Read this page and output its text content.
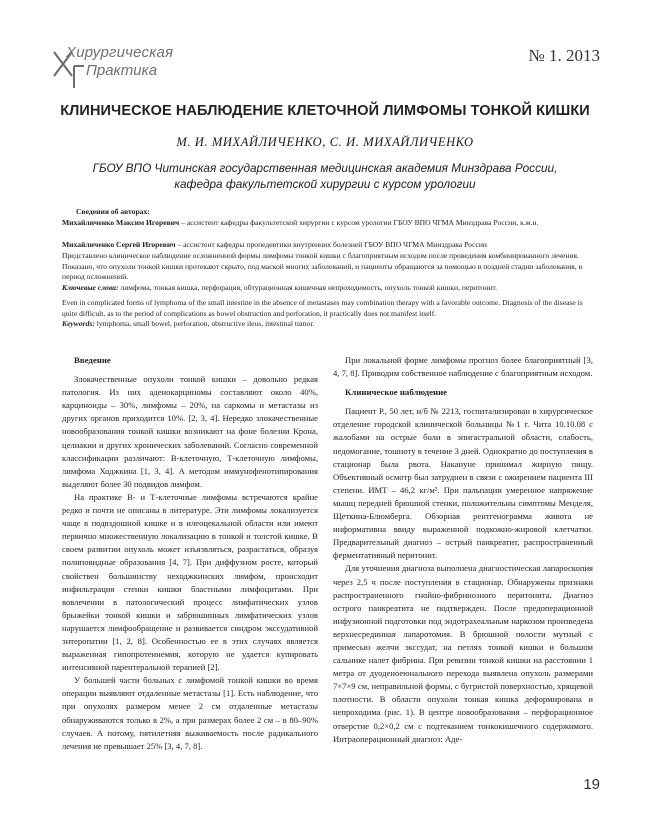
Хирургическая
Практика
№ 1. 2013
КЛИНИЧЕСКОЕ НАБЛЮДЕНИЕ КЛЕТОЧНОЙ ЛИМФОМЫ ТОНКОЙ КИШКИ
М. И. МИХАЙЛИЧЕНКО, С. И. МИХАЙЛИЧЕНКО
ГБОУ ВПО Читинская государственная медицинская академия Минздрава России,
кафедра факультетской хирургии с курсом урологии
Сведения об авторах:
Михайличенко Максим Игоревич – ассистент кафедры факультетской хирургии с курсом урологии ГБОУ ВПО ЧГМА Минздрава России, к.м.н.
Михайличенко Сергей Игоревич – ассистент кафедры пропедевтики внутренних болезней ГБОУ ВПО ЧГМА Минздрава России
Представлено клиническое наблюдение осложненной формы лимфомы тонкой кишки с благоприятным исходом после проведения комбинированного лечения. Показано, что опухоли тонкой кишки протекают скрыто, под маской многих заболеваний, и пациенты обращаются за помощью в поздней стадии заболевания, в период осложнений.
Ключевые слова: лимфома, тонкая кишка, перфорация, обтурационная кишечная непроходимость, опухоль тонкой кишки, перитонит.
Even in complicated forms of lymphoma of the small intestine in the absence of metastases may combination therapy with a favorable outcome. Diagnosis of the disease is quite difficult, as to the period of complications as bowel obstruction and perforation, it practically does not manifest itself.
Keywords: lymphoma, small bowel, perforation, obstructive ileus, intestinal tumor.
Введение

Злокачественные опухоли тонкой кишки – довольно редкая патология. Из них аденокарциномы составляют около 40%, карциноиды – 30%, лимфомы – 20%, на саркомы и метастазы из других органов приходится 10%. [2, 3, 4]. Нередко злокачественные новообразования тонкой кишки возникают на фоне болезни Крона, целиакии и других хронических заболеваний. Согласно современной классификации различают: В-клеточную, Т-клеточную лимфомы, лимфома Ходжкина [1, 3, 4]. А методом иммунофенотипирования выделяют более 30 подвидов лимфом.

На практике В- и Т-клеточные лимфомы встречаются крайне редко и почти не описаны в литературе. Эти лимфомы локализуется чаще в подвздошной кишке и в илеоцекальной области или имеют первично множественную локализацию в тонкой и толстой кишке. В своем развитии опухоль может изъязвляться, разрастаться, образуя полиповидные образования [4, 7]. При диффузном росте, который свойствен большинству неходжкинских лимфом, происходит инфильтрация стенки кишки бластными лимфоцитами. При вовлечении в патологический процесс лимфатических узлов брыжейки тонкой кишки и забрюшинных лимфатических узлов нарушается лимфообращение и развивается синдром экссудативной энтеропатии [1, 2, 8]. Особенностью ее в этих случаях является выраженная гипопротеинемия, которую не удается купировать интенсивной парентеральной терапией [2].

У большей части больных с лимфомой тонкой кишки во время операции выявляют отдаленные метастазы [1]. Есть наблюдение, что при опухолях размером менее 2 см отдаленные метастазы обнаруживаются только в 2%, а при размерах более 2 см – в 80–90% случаев. А потому, пятилетняя выживаемость после радикального лечения не превышает 25% [3, 4, 7, 8].

При локальной форме лимфомы прогноз более благоприятный [3, 4, 7, 8]. Приводим собственное наблюдение с благоприятным исходом.

Клиническое наблюдение

Пациент Р., 50 лет, и/б № 2213, госпитализирован в хирургическое отделение городской клинической больницы №1 г. Чита 10.10.08 с жалобами на острые боли в эпигастральной области, слабость, недомогание, тошноту в течение 3 дней. Однократно до поступления в стационар была рвота. Накануне принимал жирную пищу. Объективный осмотр был затруднен в связи с ожирением пациента III степени. ИМТ – 46,2 кг/м². При пальпации умеренное напряжение мышц передней брюшной стенки, положительны симптомы Менделя, Щеткина-Блюмберга. Обзорная рентгенограмма живота не информативна ввиду выраженной подкожно-жировой клетчатки. Предварительный диагноз – острый панкреатит, распространенный ферментативный перитонит.

Для уточнения диагноза выполнена диагностическая лапароскопия через 2,5 ч после поступления в стационар. Обнаружены признаки распространенного гнойно-фибринозного перитонита. Диагноз острого панкреатита не подтвержден. После предоперационной инфузионной подготовки под эндотрахеальным наркозом произведена верхнесрединная лапаротомия. В брюшной полости мутный с примесью желчи экссудат, на петлях тонкой кишки и большом сальнике налет фибрина. При ревизии тонкой кишки на расстоянии 1 метра от дуоденоеюнального перехода выявлена опухоль размерами 7×7×9 см, неправильной формы, с бугристой поверхностью, хрящевой плотности. В области опухоли тонкая кишка деформирована и непроходима (рис. 1). В центре новообразования – перфорационное отверстие 0,2×0,2 см с подтеканием тонкокишечного содержимого. Интраоперационный диагноз: Аде-

19
